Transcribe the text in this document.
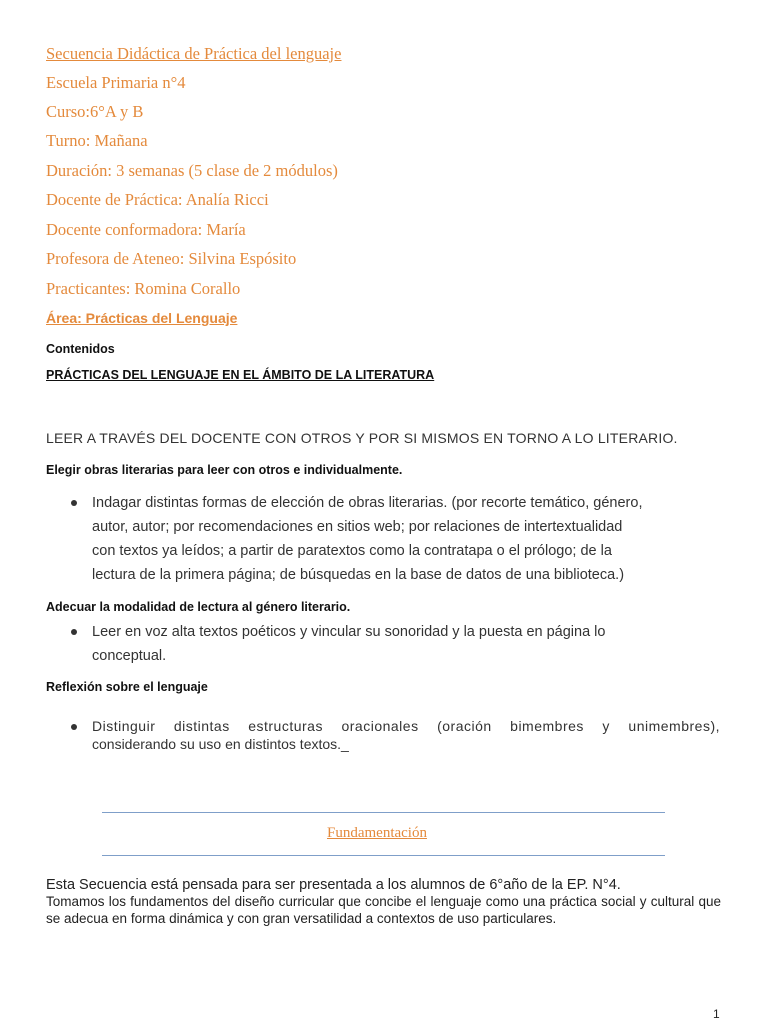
Secuencia Didáctica de Práctica del lenguaje
Escuela Primaria n°4
Curso:6°A y B
Turno: Mañana
Duración: 3 semanas (5 clase de 2 módulos)
Docente de Práctica: Analía Ricci
Docente conformadora: María
Profesora de Ateneo: Silvina Espósito
Practicantes: Romina Corallo
Área: Prácticas del Lenguaje
Contenidos
PRÁCTICAS DEL LENGUAJE EN EL ÁMBITO DE LA LITERATURA
LEER A TRAVÉS DEL DOCENTE CON OTROS Y POR SI MISMOS EN TORNO A LO LITERARIO.
Elegir obras literarias para leer con otros e individualmente.
Indagar distintas formas de elección de obras literarias. (por recorte temático, género,
autor, autor; por recomendaciones en sitios web; por relaciones de intertextualidad
con textos ya leídos; a partir de paratextos como la contratapa o el prólogo; de la
lectura de la primera página; de búsquedas en la base de datos de una biblioteca.)
Adecuar la modalidad de lectura al género literario.
Leer en voz alta textos poéticos y vincular su sonoridad y la puesta en página lo
conceptual.
Reflexión sobre el lenguaje
Distinguir distintas estructuras oracionales (oración bimembres y unimembres),
considerando su uso en distintos textos._
Fundamentación
Esta Secuencia está pensada para ser presentada a los alumnos de 6°año de la EP. N°4.
Tomamos los fundamentos del diseño curricular que concibe el lenguaje como una práctica social y cultural que se adecua en forma dinámica y con gran versatilidad a contextos de uso particulares.
1
